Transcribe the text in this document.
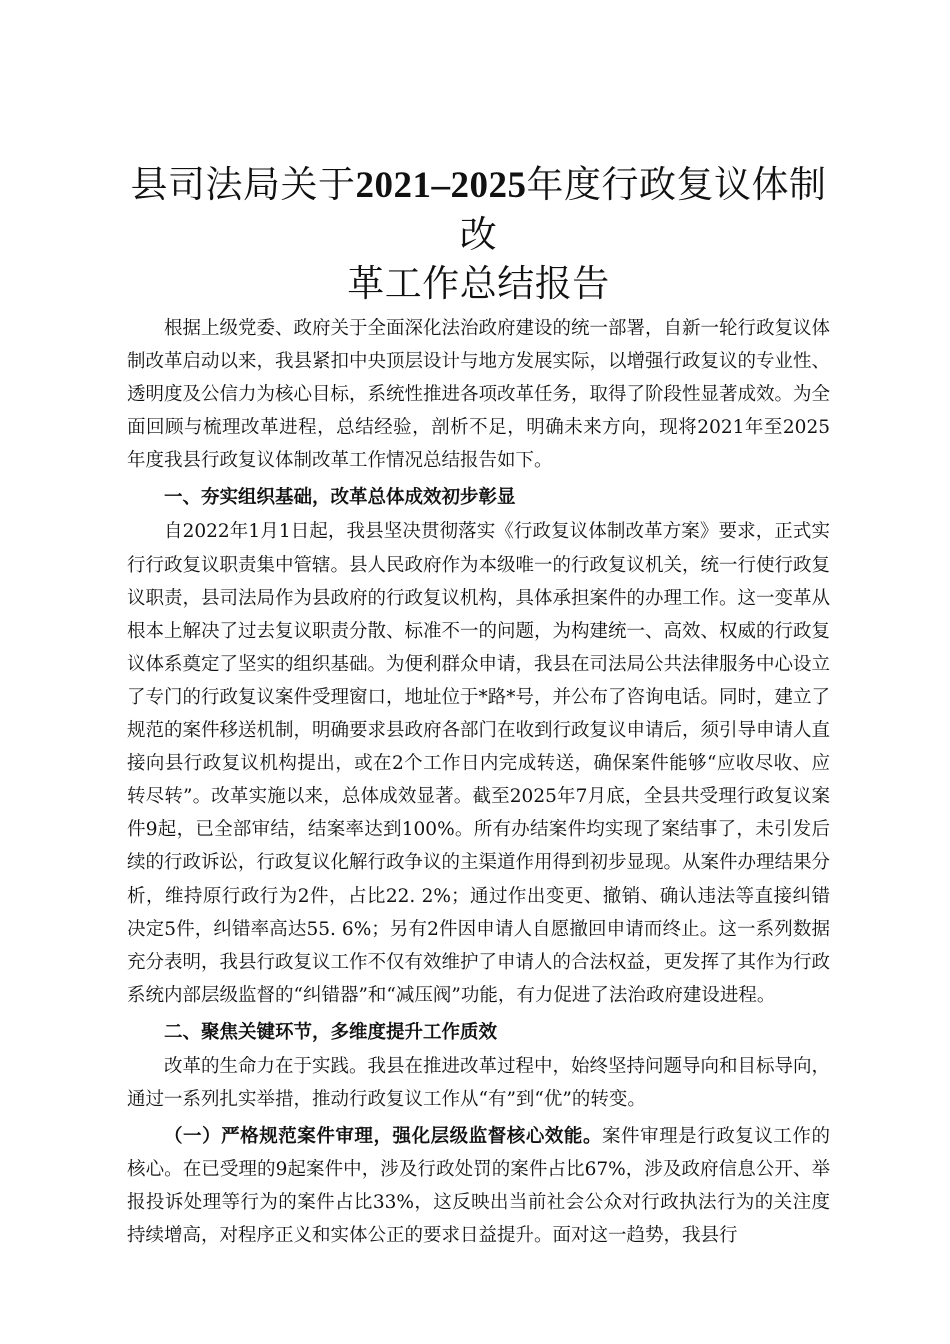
县司法局关于2021–2025年度行政复议体制改
革工作总结报告

根据上级党委、政府关于全面深化法治政府建设的统一部署，自新一轮行政复议体制改革启动以来，我县紧扣中央顶层设计与地方发展实际，以增强行政复议的专业性、透明度及公信力为核心目标，系统性推进各项改革任务，取得了阶段性显著成效。为全面回顾与梳理改革进程，总结经验，剖析不足，明确未来方向，现将2021年至2025年度我县行政复议体制改革工作情况总结报告如下。

一、夯实组织基础，改革总体成效初步彰显

自2022年1月1日起，我县坚决贯彻落实《行政复议体制改革方案》要求，正式实行行政复议职责集中管辖。县人民政府作为本级唯一的行政复议机关，统一行使行政复议职责，县司法局作为县政府的行政复议机构，具体承担案件的办理工作。这一变革从根本上解决了过去复议职责分散、标准不一的问题，为构建统一、高效、权威的行政复议体系奠定了坚实的组织基础。为便利群众申请，我县在司法局公共法律服务中心设立了专门的行政复议案件受理窗口，地址位于*路*号，并公布了咨询电话。同时，建立了规范的案件移送机制，明确要求县政府各部门在收到行政复议申请后，须引导申请人直接向县行政复议机构提出，或在2个工作日内完成转送，确保案件能够“应收尽收、应转尽转”。改革实施以来，总体成效显著。截至2025年7月底，全县共受理行政复议案件9起，已全部审结，结案率达到100%。所有办结案件均实现了案结事了，未引发后续的行政诉讼，行政复议化解行政争议的主渠道作用得到初步显现。从案件办理结果分析，维持原行政行为2件，占比22. 2%；通过作出变更、撤销、确认违法等直接纠错决定5件，纠错率高达55. 6%；另有2件因申请人自愿撤回申请而终止。这一系列数据充分表明，我县行政复议工作不仅有效维护了申请人的合法权益，更发挥了其作为行政系统内部层级监督的“纠错器”和“减压阀”功能，有力促进了法治政府建设进程。

二、聚焦关键环节，多维度提升工作质效

改革的生命力在于实践。我县在推进改革过程中，始终坚持问题导向和目标导向，通过一系列扎实举措，推动行政复议工作从“有”到“优”的转变。

（一）严格规范案件审理，强化层级监督核心效能。案件审理是行政复议工作的核心。在已受理的9起案件中，涉及行政处罚的案件占比67%，涉及政府信息公开、举报投诉处理等行为的案件占比33%，这反映出当前社会公众对行政执法行为的关注度持续增高，对程序正义和实体公正的要求日益提升。面对这一趋势，我县行
